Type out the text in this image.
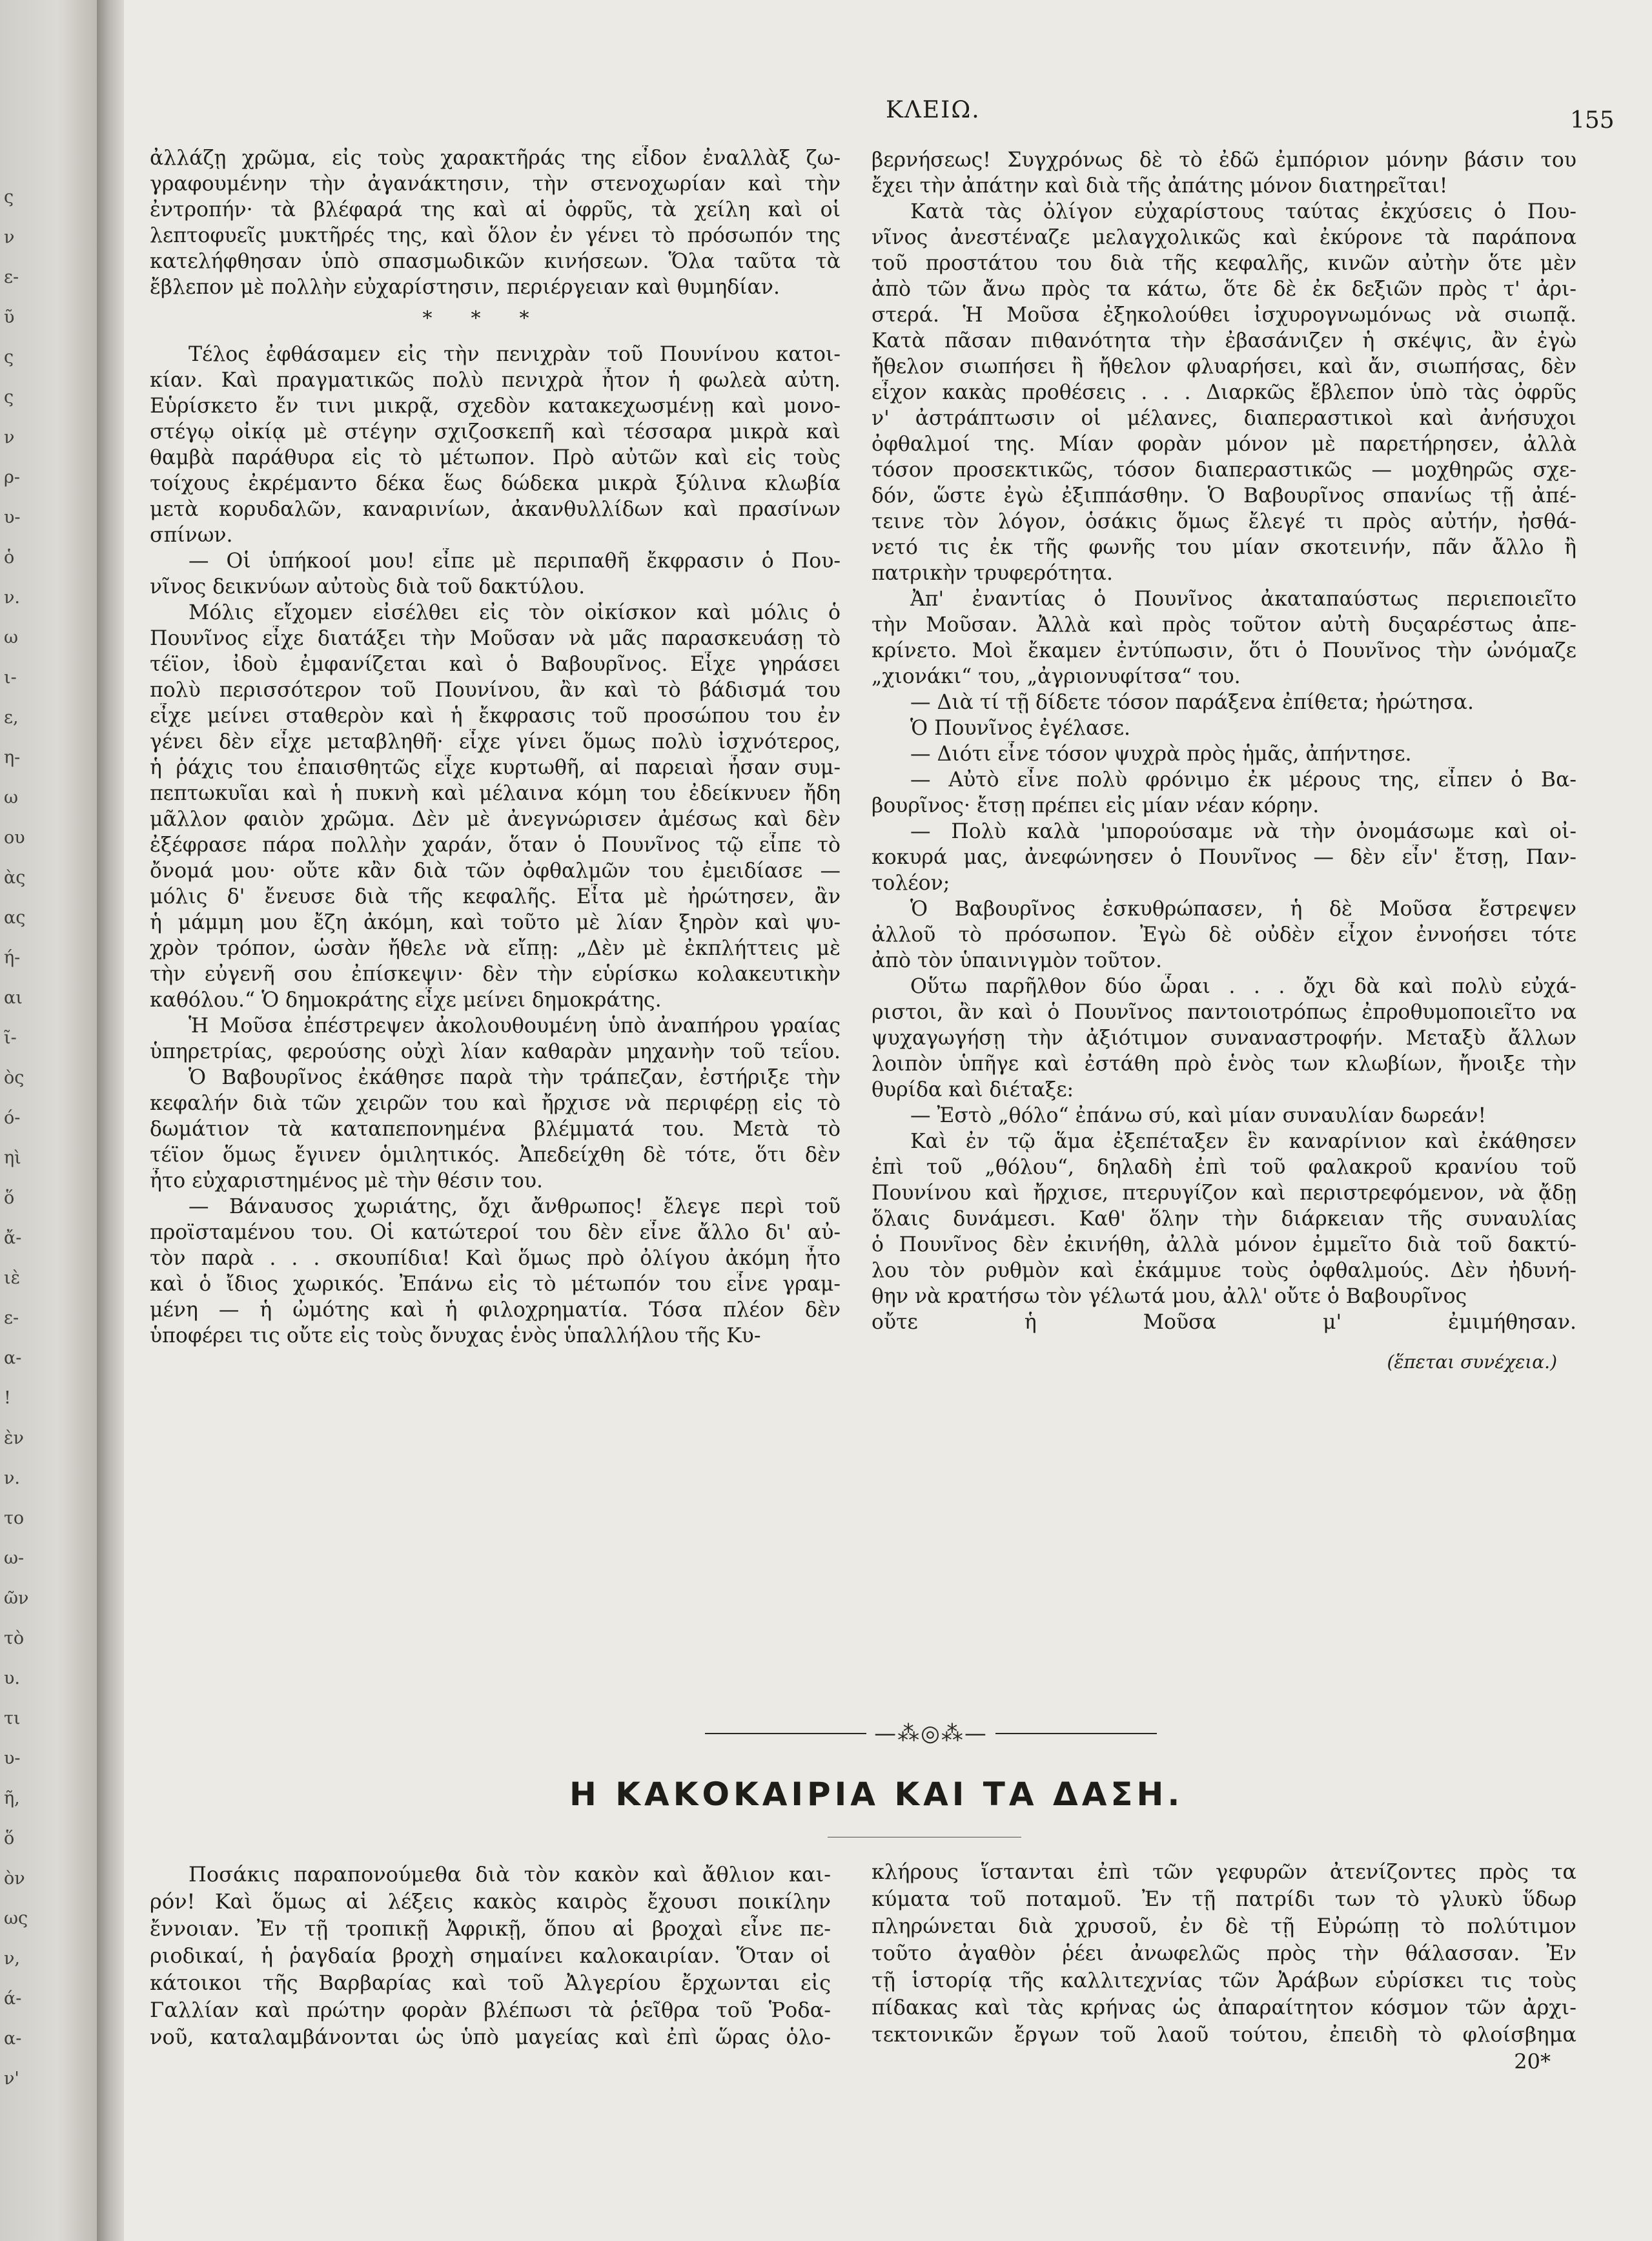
ς
ν
ε-
ῦ
ς
ς
ν
ρ-
υ-
ὁ
ν.
ω
ι-
ε,
η-
ω
ου
ὰς
ας
ή-
αι
ῖ-
ὸς
ό-
ηὶ
ὅ
ἄ-
ιὲ
ε-
α-
!
ὲν
ν.
το
ω-
ῶν
τὸ
υ.
τι
υ-
ῆ,
ὅ
ὸν
ως
ν,
ά-
α-
ν'
ΚΛΕΙΩ.	155
ἀλλάζῃ χρῶμα, εἰς τοὺς χαρακτῆράς της εἶδον ἐναλλὰξ ζω-
γραφουμένην τὴν ἀγανάκτησιν, τὴν στενοχωρίαν καὶ τὴν
ἐντροπήν· τὰ βλέφαρά της καὶ αἱ ὀφρῦς, τὰ χείλη καὶ οἱ
λεπτοφυεῖς μυκτῆρές της, καὶ ὅλον ἐν γένει τὸ πρόσωπόν της
κατελήφθησαν ὑπὸ σπασμωδικῶν κινήσεων. Ὅλα ταῦτα τὰ
ἔβλεπον μὲ πολλὴν εὐχαρίστησιν, περιέργειαν καὶ θυμηδίαν.
***
Τέλος ἐφθάσαμεν εἰς τὴν πενιχρὰν τοῦ Πουνίνου κατοι-
κίαν. Καὶ πραγματικῶς πολὺ πενιχρὰ ἦτον ἡ φωλεὰ αὐτη.
Εὑρίσκετο ἔν τινι μικρᾷ, σχεδὸν κατακεχωσμένῃ καὶ μονο-
στέγῳ οἰκίᾳ μὲ στέγην σχιζοσκεπῆ καὶ τέσσαρα μικρὰ καὶ
θαμβὰ παράθυρα εἰς τὸ μέτωπον. Πρὸ αὐτῶν καὶ εἰς τοὺς
τοίχους ἐκρέμαντο δέκα ἕως δώδεκα μικρὰ ξύλινα κλωβία
μετὰ κορυδαλῶν, καναρινίων, ἀκανθυλλίδων καὶ πρασίνων
σπίνων.
— Οἱ ὑπήκοοί μου! εἶπε μὲ περιπαθῆ ἔκφρασιν ὁ Που-
νῖνος δεικνύων αὐτοὺς διὰ τοῦ δακτύλου.
Μόλις εἴχομεν εἰσέλθει εἰς τὸν οἰκίσκον καὶ μόλις ὁ
Πουνῖνος εἶχε διατάξει τὴν Μοῦσαν νὰ μᾶς παρασκευάσῃ τὸ
τέϊον, ἰδοὺ ἐμφανίζεται καὶ ὁ Βαβουρῖνος. Εἶχε γηράσει
πολὺ περισσότερον τοῦ Πουνίνου, ἂν καὶ τὸ βάδισμά του
εἶχε μείνει σταθερὸν καὶ ἡ ἔκφρασις τοῦ προσώπου του ἐν
γένει δὲν εἶχε μεταβληθῆ· εἶχε γίνει ὅμως πολὺ ἰσχνότερος,
ἡ ῥάχις του ἐπαισθητῶς εἶχε κυρτωθῆ, αἱ παρειαὶ ἦσαν συμ-
πεπτωκυῖαι καὶ ἡ πυκνὴ καὶ μέλαινα κόμη του ἐδείκνυεν ἤδη
μᾶλλον φαιὸν χρῶμα. Δὲν μὲ ἀνεγνώρισεν ἀμέσως καὶ δὲν
ἐξέφρασε πάρα πολλὴν χαράν, ὅταν ὁ Πουνῖνος τῷ εἶπε τὸ
ὄνομά μου· οὔτε κἂν διὰ τῶν ὀφθαλμῶν του ἐμειδίασε —
μόλις δ' ἔνευσε διὰ τῆς κεφαλῆς. Εἶτα μὲ ἠρώτησεν, ἂν
ἡ μάμμη μου ἔζη ἀκόμη, καὶ τοῦτο μὲ λίαν ξηρὸν καὶ ψυ-
χρὸν τρόπον, ὡσὰν ἤθελε νὰ εἴπῃ: „Δὲν μὲ ἐκπλήττεις μὲ
τὴν εὐγενῆ σου ἐπίσκεψιν· δὲν τὴν εὑρίσκω κολακευτικὴν
καθόλου.“ Ὁ δημοκράτης εἶχε μείνει δημοκράτης.
Ἡ Μοῦσα ἐπέστρεψεν ἀκολουθουμένη ὑπὸ ἀναπήρου γραίας
ὑπηρετρίας, φερούσης οὐχὶ λίαν καθαρὰν μηχανὴν τοῦ τεΐου.
Ὁ Βαβουρῖνος ἐκάθησε παρὰ τὴν τράπεζαν, ἐστήριξε τὴν
κεφαλήν διὰ τῶν χειρῶν του καὶ ἤρχισε νὰ περιφέρῃ εἰς τὸ
δωμάτιον τὰ καταπεπονημένα βλέμματά του. Μετὰ τὸ
τέϊον ὅμως ἔγινεν ὁμιλητικός. Ἀπεδείχθη δὲ τότε, ὅτι δὲν
ἦτο εὐχαριστημένος μὲ τὴν θέσιν του.
— Βάναυσος χωριάτης, ὄχι ἄνθρωπος! ἔλεγε περὶ τοῦ
προϊσταμένου του. Οἱ κατώτεροί του δὲν εἶνε ἄλλο δι' αὐ-
τὸν παρὰ . . . σκουπίδια! Καὶ ὅμως πρὸ ὀλίγου ἀκόμη ἦτο
καὶ ὁ ἴδιος χωρικός. Ἐπάνω εἰς τὸ μέτωπόν του εἶνε γραμ-
μένη — ἡ ὠμότης καὶ ἡ φιλοχρηματία. Τόσα πλέον δὲν
ὑποφέρει τις οὔτε εἰς τοὺς ὄνυχας ἑνὸς ὑπαλλήλου τῆς Κυ-
βερνήσεως! Συγχρόνως δὲ τὸ ἐδῶ ἐμπόριον μόνην βάσιν του
ἔχει τὴν ἀπάτην καὶ διὰ τῆς ἀπάτης μόνον διατηρεῖται!
Κατὰ τὰς ὀλίγον εὐχαρίστους ταύτας ἐκχύσεις ὁ Που-
νῖνος ἀνεστέναζε μελαγχολικῶς καὶ ἐκύρονε τὰ παράπονα
τοῦ προστάτου του διὰ τῆς κεφαλῆς, κινῶν αὐτὴν ὅτε μὲν
ἀπὸ τῶν ἄνω πρὸς τα κάτω, ὅτε δὲ ἐκ δεξιῶν πρὸς τ' ἀρι-
στερά. Ἡ Μοῦσα ἐξηκολούθει ἰσχυρογνωμόνως νὰ σιωπᾷ.
Κατὰ πᾶσαν πιθανότητα τὴν ἐβασάνιζεν ἡ σκέψις, ἂν ἐγὼ
ἤθελον σιωπήσει ἢ ἤθελον φλυαρήσει, καὶ ἄν, σιωπήσας, δὲν
εἶχον κακὰς προθέσεις . . . Διαρκῶς ἔβλεπον ὑπὸ τὰς ὀφρῦς
ν' ἀστράπτωσιν οἱ μέλανες, διαπεραστικοὶ καὶ ἀνήσυχοι
ὀφθαλμοί της. Μίαν φορὰν μόνον μὲ παρετήρησεν, ἀλλὰ
τόσον προσεκτικῶς, τόσον διαπεραστικῶς — μοχθηρῶς σχε-
δόν, ὥστε ἐγὼ ἐξιππάσθην. Ὁ Βαβουρῖνος σπανίως τῇ ἀπέ-
τεινε τὸν λόγον, ὁσάκις ὅμως ἔλεγέ τι πρὸς αὐτήν, ἠσθά-
νετό τις ἐκ τῆς φωνῆς του μίαν σκοτεινήν, πᾶν ἄλλο ἢ
πατρικὴν τρυφερότητα.
Ἀπ' ἐναντίας ὁ Πουνῖνος ἀκαταπαύστως περιεποιεῖτο
τὴν Μοῦσαν. Ἀλλὰ καὶ πρὸς τοῦτον αὐτὴ δυςαρέστως ἀπε-
κρίνετο. Μοὶ ἔκαμεν ἐντύπωσιν, ὅτι ὁ Πουνῖνος τὴν ὠνόμαζε
„χιονάκι“ του, „ἀγριονυφίτσα“ του.
— Διὰ τί τῇ δίδετε τόσον παράξενα ἐπίθετα; ἠρώτησα.
Ὁ Πουνῖνος ἐγέλασε.
— Διότι εἶνε τόσον ψυχρὰ πρὸς ἡμᾶς, ἀπήντησε.
— Αὐτὸ εἶνε πολὺ φρόνιμο ἐκ μέρους της, εἶπεν ὁ Βα-
βουρῖνος· ἔτσῃ πρέπει εἰς μίαν νέαν κόρην.
— Πολὺ καλὰ 'μπορούσαμε νὰ τὴν ὀνομάσωμε καὶ οἰ-
κοκυρά μας, ἀνεφώνησεν ὁ Πουνῖνος — δὲν εἶν' ἔτσῃ, Παν-
τολέον;
Ὁ Βαβουρῖνος ἐσκυθρώπασεν, ἡ δὲ Μοῦσα ἔστρεψεν
ἀλλοῦ τὸ πρόσωπον. Ἐγὼ δὲ οὐδὲν εἶχον ἐννοήσει τότε
ἀπὸ τὸν ὑπαινιγμὸν τοῦτον.
Οὕτω παρῆλθον δύο ὧραι . . . ὄχι δὰ καὶ πολὺ εὐχά-
ριστοι, ἂν καὶ ὁ Πουνῖνος παντοιοτρόπως ἐπροθυμοποιεῖτο να
ψυχαγωγήσῃ τὴν ἀξιότιμον συναναστροφήν. Μεταξὺ ἄλλων
λοιπὸν ὑπῆγε καὶ ἐστάθη πρὸ ἑνὸς των κλωβίων, ἤνοιξε τὴν
θυρίδα καὶ διέταξε:
— Ἐστὸ „θόλο“ ἐπάνω σύ, καὶ μίαν συναυλίαν δωρεάν!
Καὶ ἐν τῷ ἅμα ἐξεπέταξεν ἓν καναρίνιον καὶ ἐκάθησεν
ἐπὶ τοῦ „θόλου“, δηλαδὴ ἐπὶ τοῦ φαλακροῦ κρανίου τοῦ
Πουνίνου καὶ ἤρχισε, πτερυγίζον καὶ περιστρεφόμενον, νὰ ᾄδῃ
ὅλαις δυνάμεσι. Καθ' ὅλην τὴν διάρκειαν τῆς συναυλίας
ὁ Πουνῖνος δὲν ἐκινήθη, ἀλλὰ μόνον ἐμμεῖτο διὰ τοῦ δακτύ-
λου τὸν ρυθμὸν καὶ ἐκάμμυε τοὺς ὀφθαλμούς. Δὲν ἠδυνή-
θην νὰ κρατήσω τὸν γέλωτά μου, ἀλλ' οὔτε ὁ Βαβουρῖνος
οὔτε ἡ Μοῦσα μ' ἐμιμήθησαν.
(ἕπεται συνέχεια.)
—⁂◎⁂—
Η ΚΑΚΟΚΑΙΡΙΑ ΚΑΙ ΤΑ ΔΑΣΗ.
Ποσάκις παραπονούμεθα διὰ τὸν κακὸν καὶ ἄθλιον και-
ρόν! Καὶ ὅμως αἱ λέξεις κακὸς καιρὸς ἔχουσι ποικίλην
ἔννοιαν. Ἐν τῇ τροπικῇ Ἀφρικῇ, ὅπου αἱ βροχαὶ εἶνε πε-
ριοδικαί, ἡ ῥαγδαία βροχὴ σημαίνει καλοκαιρίαν. Ὅταν οἱ
κάτοικοι τῆς Βαρβαρίας καὶ τοῦ Ἀλγερίου ἔρχωνται εἰς
Γαλλίαν καὶ πρώτην φορὰν βλέπωσι τὰ ῥεῖθρα τοῦ Ῥοδα-
νοῦ, καταλαμβάνονται ὡς ὑπὸ μαγείας καὶ ἐπὶ ὥρας ὁλο-
κλήρους ἵστανται ἐπὶ τῶν γεφυρῶν ἀτενίζοντες πρὸς τα
κύματα τοῦ ποταμοῦ. Ἐν τῇ πατρίδι των τὸ γλυκὺ ὕδωρ
πληρώνεται διὰ χρυσοῦ, ἐν δὲ τῇ Εὐρώπῃ τὸ πολύτιμον
τοῦτο ἀγαθὸν ῥέει ἀνωφελῶς πρὸς τὴν θάλασσαν. Ἐν
τῇ ἱστορίᾳ τῆς καλλιτεχνίας τῶν Ἀράβων εὑρίσκει τις τοὺς
πίδακας καὶ τὰς κρήνας ὡς ἀπαραίτητον κόσμον τῶν ἀρχι-
τεκτονικῶν ἔργων τοῦ λαοῦ τούτου, ἐπειδὴ τὸ φλοίσβημα
20*
